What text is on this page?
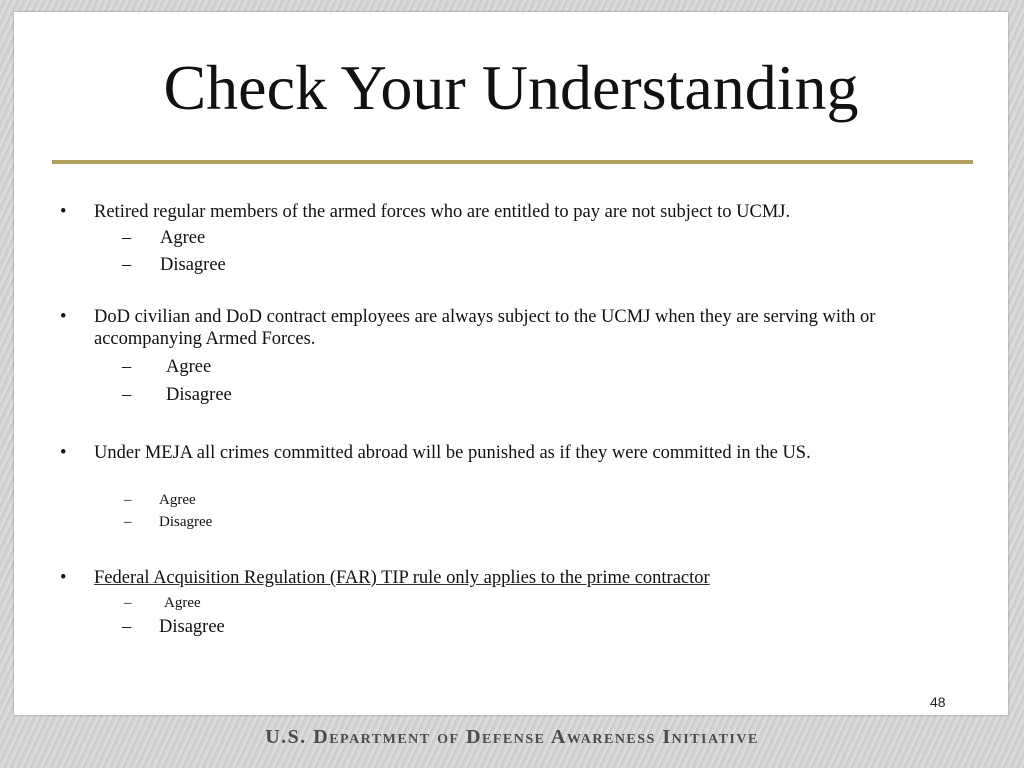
Check Your Understanding
• Retired regular members of the armed forces who are entitled to pay are not subject to UCMJ.
– Agree
– Disagree
• DoD civilian and DoD contract employees are always subject to the UCMJ when they are serving with or accompanying Armed Forces.
– Agree
– Disagree
• Under MEJA all crimes committed abroad will be punished as if they were committed in the US.
– Agree
– Disagree
• Federal Acquisition Regulation (FAR) TIP rule only applies to the prime contractor
– Agree
– Disagree
48
U.S. Department of Defense Awareness Initiative
